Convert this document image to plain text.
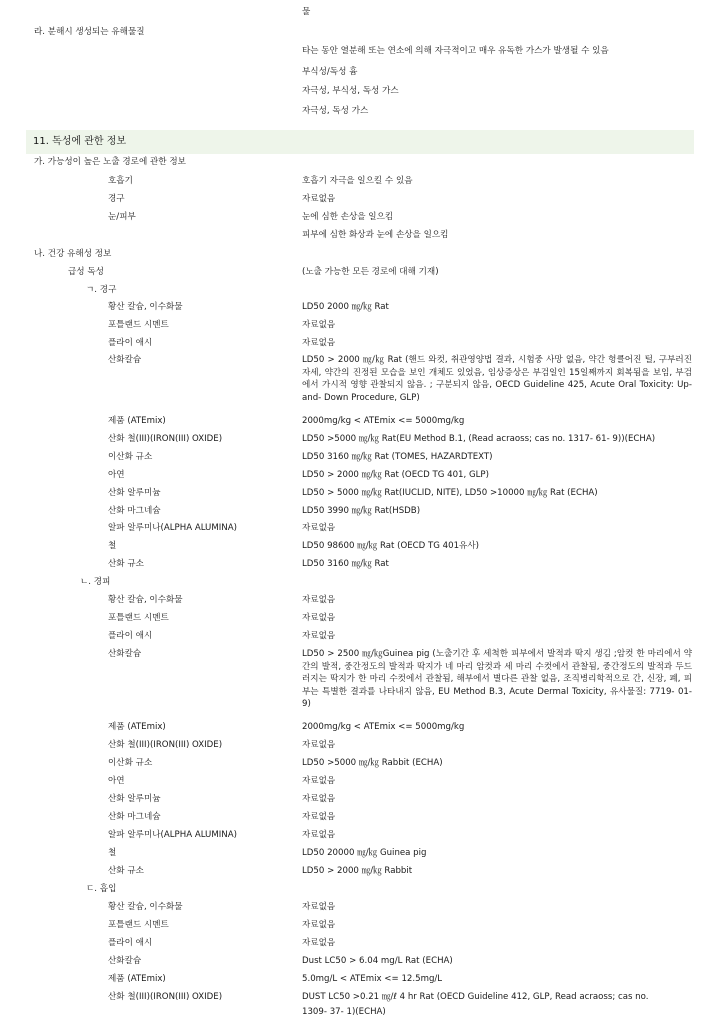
물
라. 분해시 생성되는 유해물질
타는 동안 열분해 또는 연소에 의해 자극적이고 매우 유독한 가스가 발생될 수 있음
부식성/독성 흄
자극성, 부식성, 독성 가스
자극성, 독성 가스
11. 독성에 관한 정보
가. 가능성이 높은 노출 경로에 관한 정보
호흡기	호흡기 자극을 일으킬 수 있음
경구	자료없음
눈/피부	눈에 심한 손상을 일으킴
피부에 심한 화상과 눈에 손상을 일으킴
나. 건강 유해성 정보
급성 독성	(노출 가능한 모든 경로에 대해 기재)
ㄱ. 경구
황산 칼슘, 이수화물	LD50 2000 ㎎/㎏ Rat
포틀랜드 시멘트	자료없음
플라이 애시	자료없음
산화칼슘	LD50 > 2000 ㎎/㎏ Rat (핸드 와컷, 취관영양법 결과, 시험중 사망 없음, 약간 헝클어진 털, 구부러진 자세, 약간의 진정된 모습을 보인 개체도 있었음, 임상증상은 부검일인 15일째까지 회복됨을 보임, 부검에서 가시적 영향 관찰되지 않음. ; 구분되지 않음, OECD Guideline 425, Acute Oral Toxicity: Up- and- Down Procedure, GLP)
제품 (ATEmix)	2000mg/kg < ATEmix <= 5000mg/kg
산화 철(III)(IRON(III) OXIDE)	LD50 >5000 ㎎/㎏ Rat(EU Method B.1, (Read acraoss; cas no. 1317- 61- 9))(ECHA)
이산화 규소	LD50 3160 ㎎/㎏ Rat (TOMES, HAZARDTEXT)
아연	LD50 > 2000 ㎎/㎏ Rat (OECD TG 401, GLP)
산화 알루미늄	LD50 > 5000 ㎎/㎏ Rat(IUCLID, NITE), LD50 >10000 ㎎/㎏ Rat (ECHA)
산화 마그네슘	LD50 3990 ㎎/㎏ Rat(HSDB)
알파 알루미나(ALPHA ALUMINA)	자료없음
철	LD50 98600 ㎎/㎏ Rat (OECD TG 401유사)
산화 규소	LD50 3160 ㎎/㎏ Rat
ㄴ. 경피
황산 칼슘, 이수화물	자료없음
포틀랜드 시멘트	자료없음
플라이 애시	자료없음
산화칼슘	LD50 > 2500 ㎎/㎏Guinea pig (노출기간 후 세척한 피부에서 발적과 딱지 생김 ;암컷 한 마리에서 약간의 발적, 중간정도의 발적과 딱지가 네 마리 암컷과 세 마리 수컷에서 관찰됨, 중간정도의 발적과 두드러지는 딱지가 한 마리 수컷에서 관찰됨, 해부에서 별다른 관찰 없음, 조직병리학적으로 간, 신장, 폐, 피부는 특별한 결과를 나타내지 않음, EU Method B.3, Acute Dermal Toxicity, 유사물질: 7719- 01- 9)
제품 (ATEmix)	2000mg/kg < ATEmix <= 5000mg/kg
산화 철(III)(IRON(III) OXIDE)	자료없음
이산화 규소	LD50 >5000 ㎎/㎏ Rabbit (ECHA)
아연	자료없음
산화 알루미늄	자료없음
산화 마그네슘	자료없음
알파 알루미나(ALPHA ALUMINA)	자료없음
철	LD50 20000 ㎎/㎏ Guinea pig
산화 규소	LD50 > 2000 ㎎/㎏ Rabbit
ㄷ. 흡입
황산 칼슘, 이수화물	자료없음
포틀랜드 시멘트	자료없음
플라이 애시	자료없음
산화칼슘	Dust LC50 > 6.04 mg/L Rat (ECHA)
제품 (ATEmix)	5.0mg/L < ATEmix <= 12.5mg/L
산화 철(III)(IRON(III) OXIDE)	DUST LC50 >0.21 ㎎/ℓ 4 hr Rat (OECD Guideline 412, GLP, Read acraoss; cas no.
1309- 37- 1)(ECHA)
